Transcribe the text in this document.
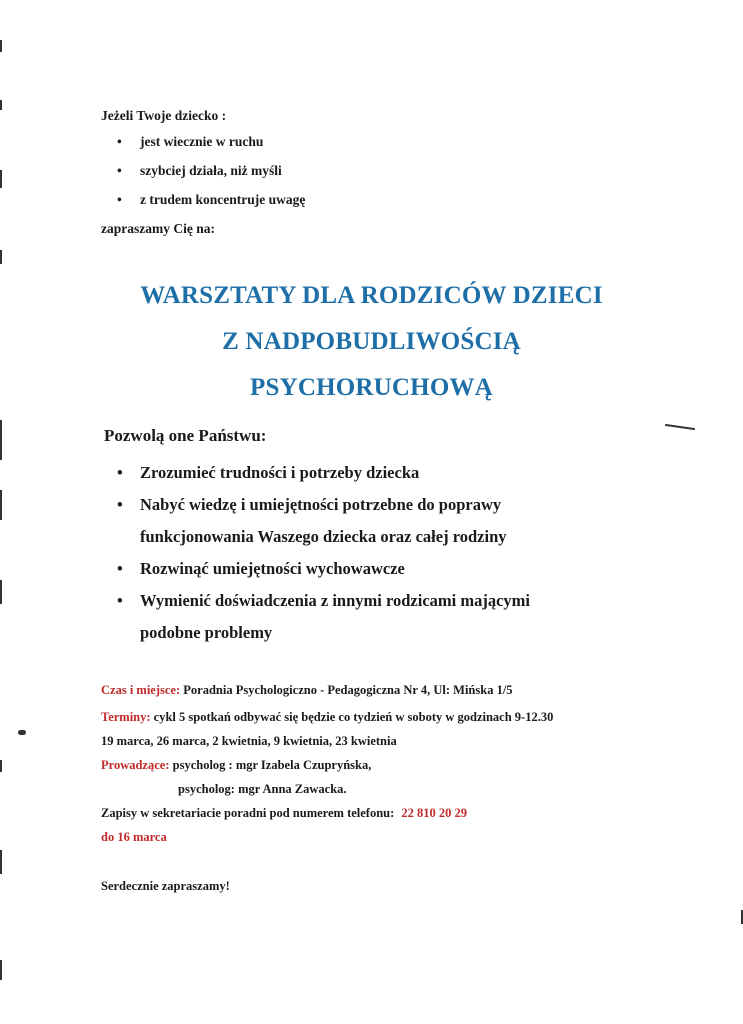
Jeżeli Twoje dziecko :
• jest wiecznie w ruchu
• szybciej działa, niż myśli
• z trudem koncentruje uwagę
zapraszamy Cię na:
WARSZTATY DLA RODZICÓW DZIECI
Z NADPOBUDLIWOŚCIĄ
PSYCHORUCHOWĄ
Pozwolą one Państwu:
• Zrozumieć trudności i potrzeby dziecka
• Nabyć wiedzę i umiejętności potrzebne do poprawy
funkcjonowania Waszego dziecka oraz całej rodziny
• Rozwinąć umiejętności wychowawcze
• Wymienić doświadczenia z innymi rodzicami mającymi
podobne problemy
Czas i miejsce: Poradnia Psychologiczno - Pedagogiczna Nr 4, Ul: Mińska 1/5
Terminy: cykl 5 spotkań odbywać się będzie co tydzień w soboty w godzinach 9-12.30
19 marca, 26 marca, 2 kwietnia, 9 kwietnia, 23 kwietnia
Prowadzące: psycholog : mgr Izabela Czupryńska,
psycholog: mgr Anna Zawacka.
Zapisy w sekretariacie poradni pod numerem telefonu: 22 810 20 29
do 16 marca
Serdecznie zapraszamy!
